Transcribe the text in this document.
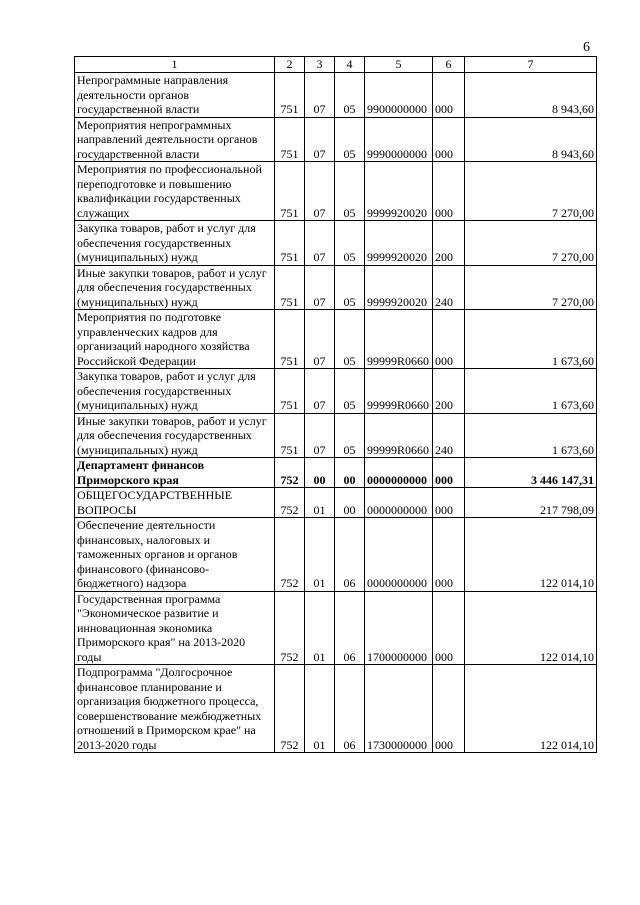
6
1	2	3	4	5	6	7
Непрограммные направления деятельности органов государственной власти	751	07	05	9900000000	000	8 943,60
Мероприятия непрограммных направлений деятельности органов государственной власти	751	07	05	9990000000	000	8 943,60
Мероприятия по профессиональной переподготовке и повышению квалификации государственных служащих	751	07	05	9999920020	000	7 270,00
Закупка товаров, работ и услуг для обеспечения государственных (муниципальных) нужд	751	07	05	9999920020	200	7 270,00
Иные закупки товаров, работ и услуг для обеспечения государственных (муниципальных) нужд	751	07	05	9999920020	240	7 270,00
Мероприятия по подготовке управленческих кадров для организаций народного хозяйства Российской Федерации	751	07	05	99999R0660	000	1 673,60
Закупка товаров, работ и услуг для обеспечения государственных (муниципальных) нужд	751	07	05	99999R0660	200	1 673,60
Иные закупки товаров, работ и услуг для обеспечения государственных (муниципальных) нужд	751	07	05	99999R0660	240	1 673,60
Департамент финансов Приморского края	752	00	00	0000000000	000	3 446 147,31
ОБЩЕГОСУДАРСТВЕННЫЕ ВОПРОСЫ	752	01	00	0000000000	000	217 798,09
Обеспечение деятельности финансовых, налоговых и таможенных органов и органов финансового (финансово-бюджетного) надзора	752	01	06	0000000000	000	122 014,10
Государственная программа "Экономическое развитие и инновационная экономика Приморского края" на 2013-2020 годы	752	01	06	1700000000	000	122 014,10
Подпрограмма "Долгосрочное финансовое планирование и организация бюджетного процесса, совершенствование межбюджетных отношений в Приморском крае" на 2013-2020 годы	752	01	06	1730000000	000	122 014,10
